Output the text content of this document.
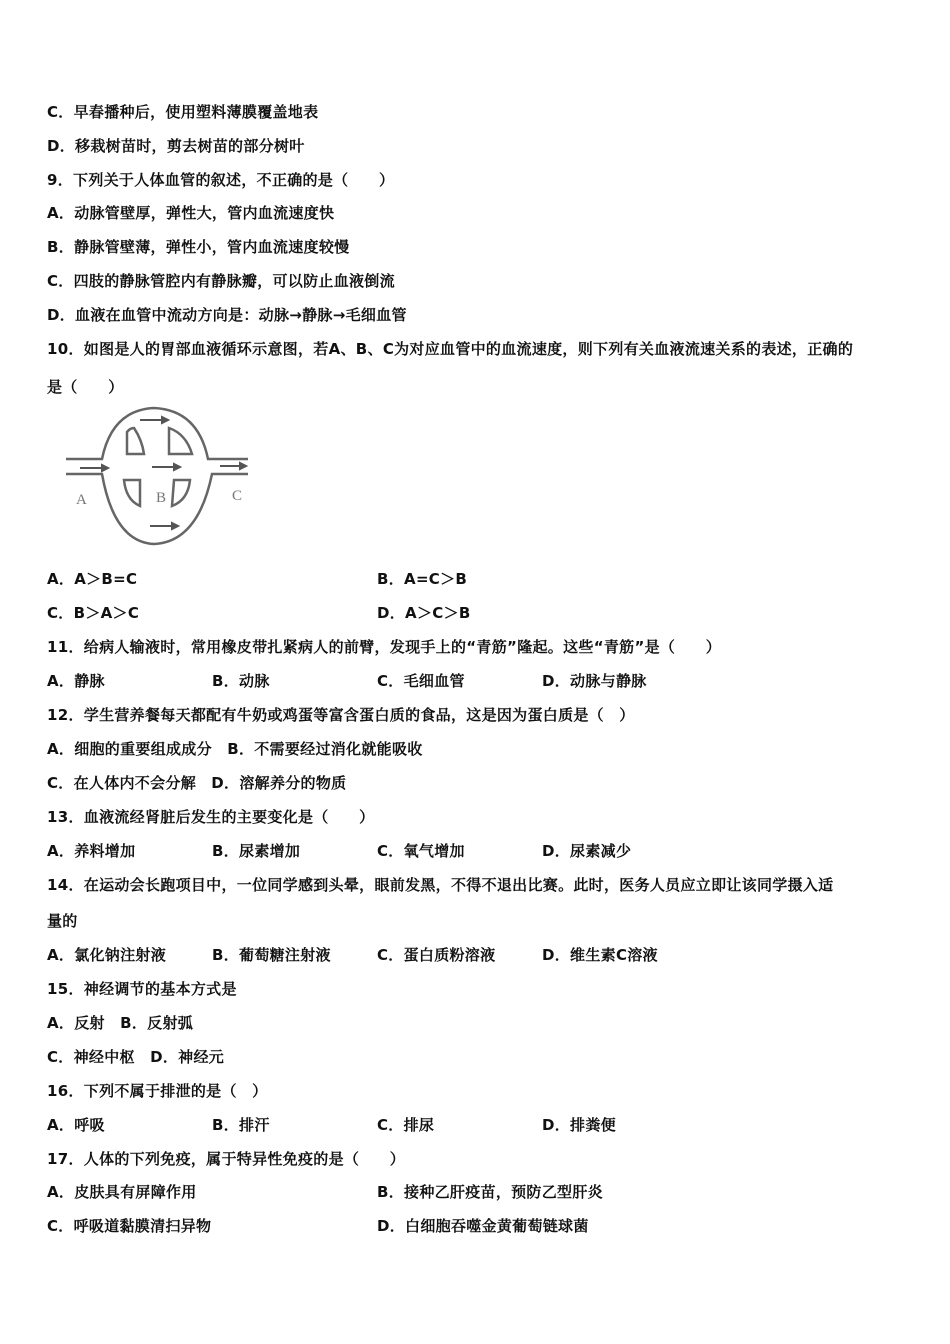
C．早春播种后，使用塑料薄膜覆盖地表
D．移栽树苗时，剪去树苗的部分树叶
9．下列关于人体血管的叙述，不正确的是（　　）
A．动脉管壁厚，弹性大，管内血流速度快
B．静脉管壁薄，弹性小，管内血流速度较慢
C．四肢的静脉管腔内有静脉瓣，可以防止血液倒流
D．血液在血管中流动方向是：动脉→静脉→毛细血管
10．如图是人的胃部血液循环示意图，若A、B、C为对应血管中的血流速度，则下列有关血液流速关系的表述，正确的
是（　　）
A	B	C
A．A＞B=C	B．A=C＞B
C．B＞A＞C	D．A＞C＞B
11．给病人输液时，常用橡皮带扎紧病人的前臂，发现手上的“青筋”隆起。这些“青筋”是（　　）
A．静脉	B．动脉	C．毛细血管	D．动脉与静脉
12．学生营养餐每天都配有牛奶或鸡蛋等富含蛋白质的食品，这是因为蛋白质是（　）
A．细胞的重要组成成分　B．不需要经过消化就能吸收
C．在人体内不会分解　D．溶解养分的物质
13．血液流经肾脏后发生的主要变化是（　　）
A．养料增加	B．尿素增加	C．氧气增加	D．尿素减少
14．在运动会长跑项目中，一位同学感到头晕，眼前发黑，不得不退出比赛。此时，医务人员应立即让该同学摄入适
量的
A．氯化钠注射液	B．葡萄糖注射液	C．蛋白质粉溶液	D．维生素C溶液
15．神经调节的基本方式是
A．反射　B．反射弧
C．神经中枢　D．神经元
16．下列不属于排泄的是（　）
A．呼吸	B．排汗	C．排尿	D．排粪便
17．人体的下列免疫，属于特异性免疫的是（　　）
A．皮肤具有屏障作用	B．接种乙肝疫苗，预防乙型肝炎
C．呼吸道黏膜清扫异物	D．白细胞吞噬金黄葡萄链球菌
